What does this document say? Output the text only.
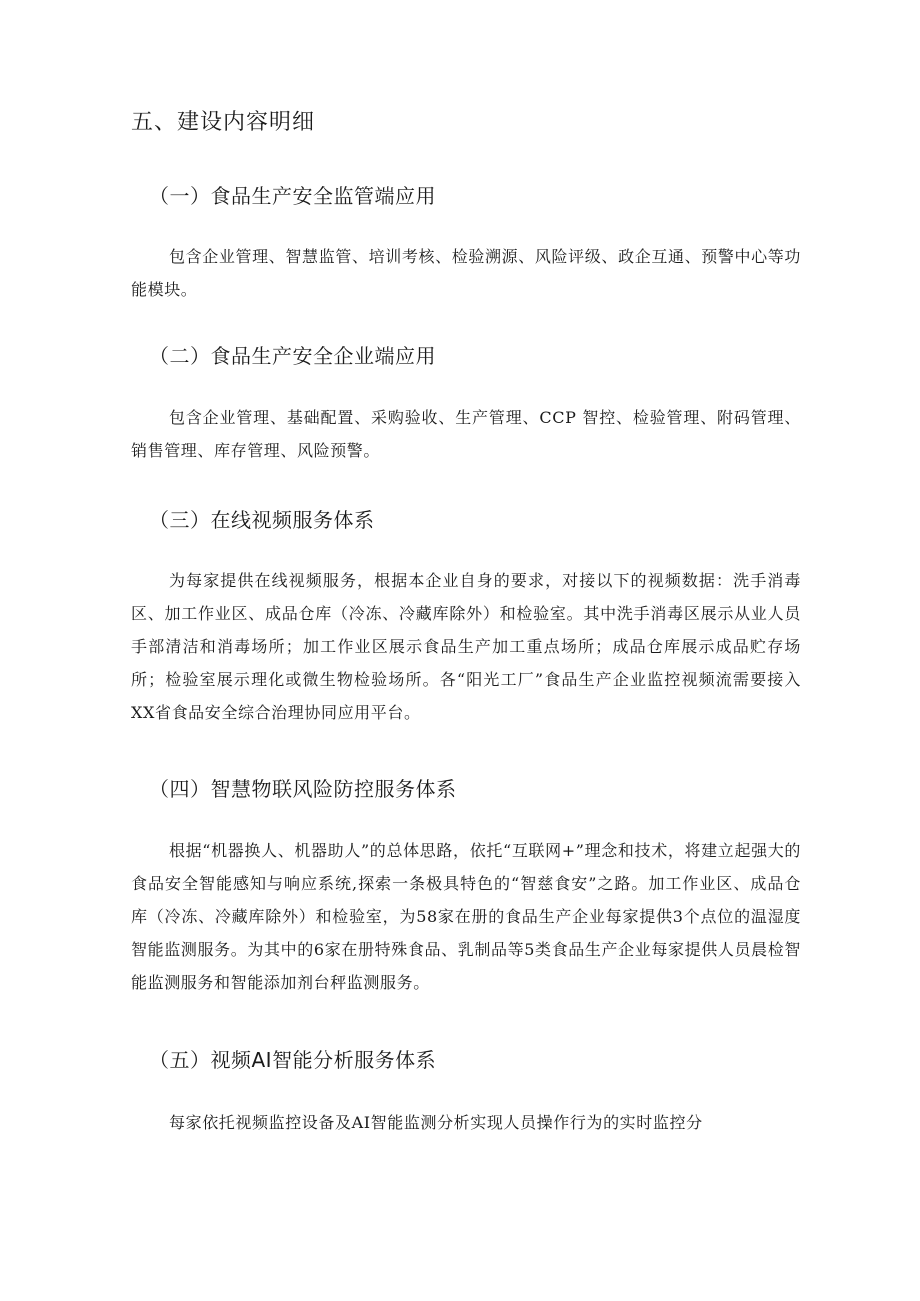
五、建设内容明细
（一）食品生产安全监管端应用

包含企业管理、智慧监管、培训考核、检验溯源、风险评级、政企互通、预警中心等功能模块。

（二）食品生产安全企业端应用

包含企业管理、基础配置、采购验收、生产管理、CCP 智控、检验管理、附码管理、销售管理、库存管理、风险预警。

（三）在线视频服务体系

为每家提供在线视频服务，根据本企业自身的要求，对接以下的视频数据：洗手消毒区、加工作业区、成品仓库（冷冻、冷藏库除外）和检验室。其中洗手消毒区展示从业人员手部清洁和消毒场所；加工作业区展示食品生产加工重点场所；成品仓库展示成品贮存场所；检验室展示理化或微生物检验场所。各“阳光工厂”食品生产企业监控视频流需要接入XX省食品安全综合治理协同应用平台。

（四）智慧物联风险防控服务体系

根据“机器换人、机器助人”的总体思路，依托“互联网+”理念和技术，将建立起强大的食品安全智能感知与响应系统,探索一条极具特色的“智慈食安”之路。加工作业区、成品仓库（冷冻、冷藏库除外）和检验室，为58家在册的食品生产企业每家提供3个点位的温湿度智能监测服务。为其中的6家在册特殊食品、乳制品等5类食品生产企业每家提供人员晨检智能监测服务和智能添加剂台秤监测服务。

（五）视频AI智能分析服务体系

每家依托视频监控设备及AI智能监测分析实现人员操作行为的实时监控分
